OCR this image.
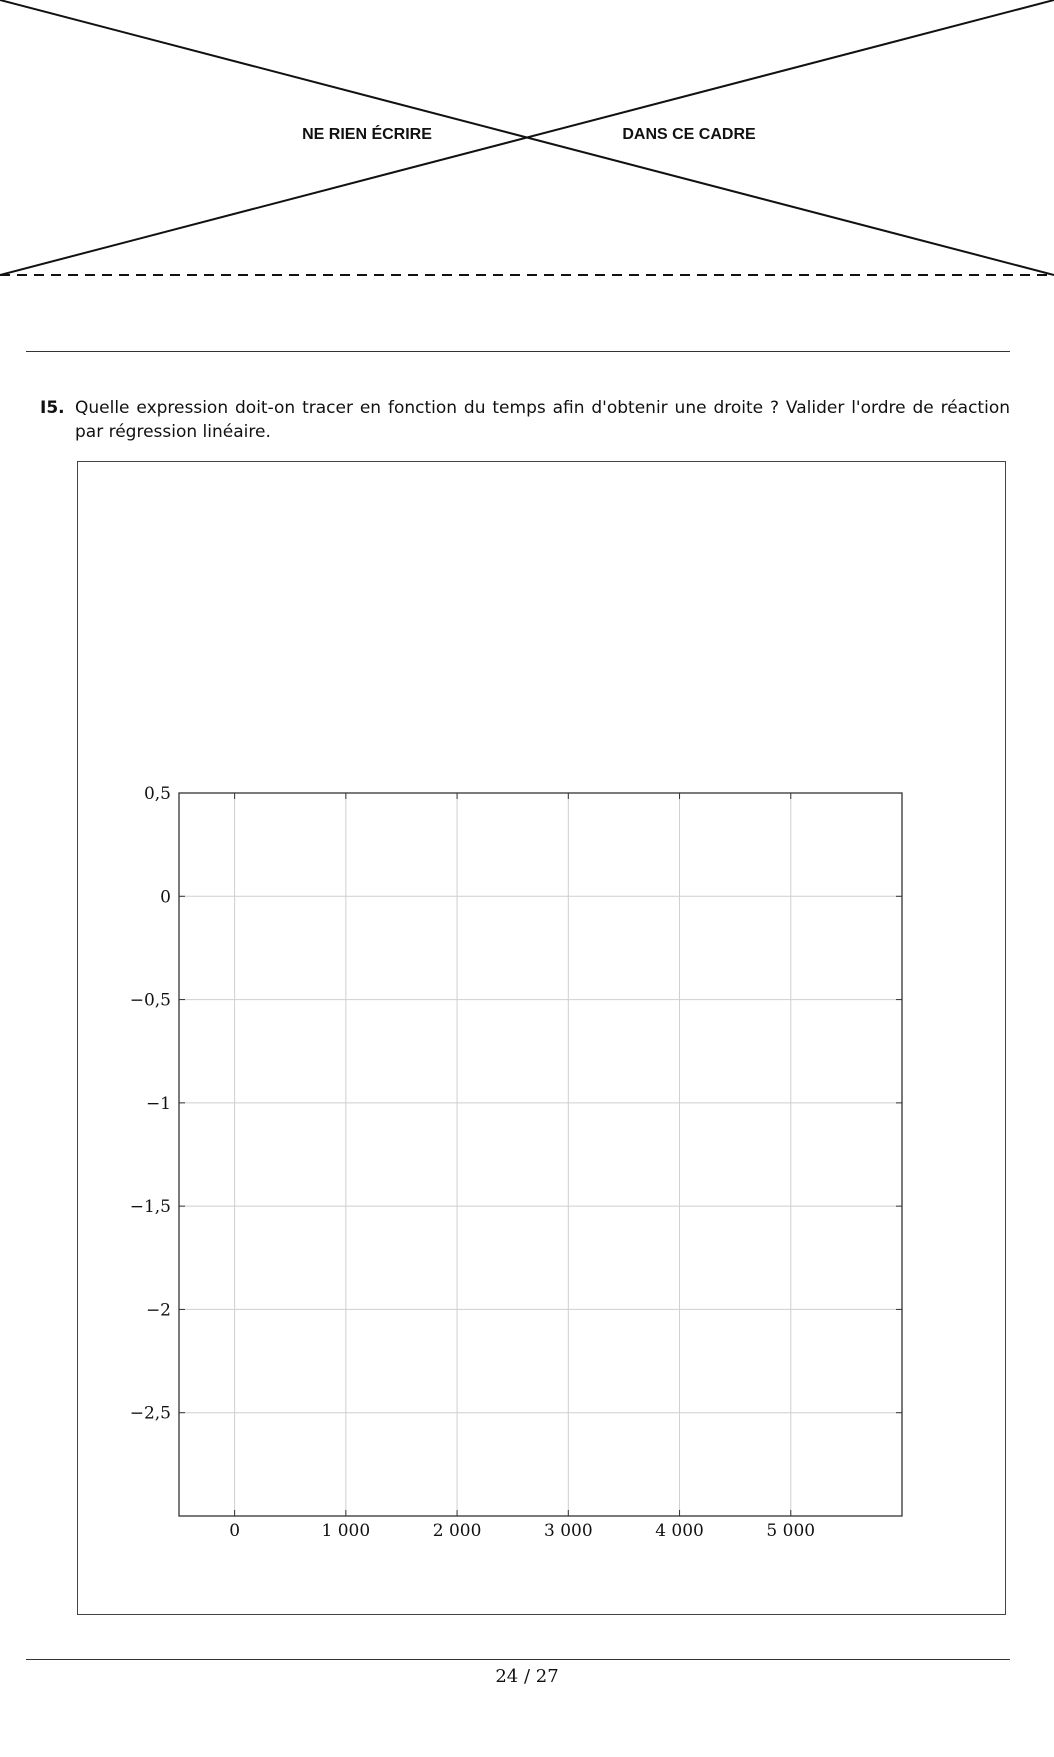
NE RIEN ÉCRIRE	DANS CE CADRE
I5. Quelle expression doit-on tracer en fonction du temps afin d'obtenir une droite ? Valider l'ordre de réaction par régression linéaire.
0	1 000	2 000	3 000	4 000	5 000
0,5
0
−0,5
−1
−1,5
−2
−2,5
24 / 27
